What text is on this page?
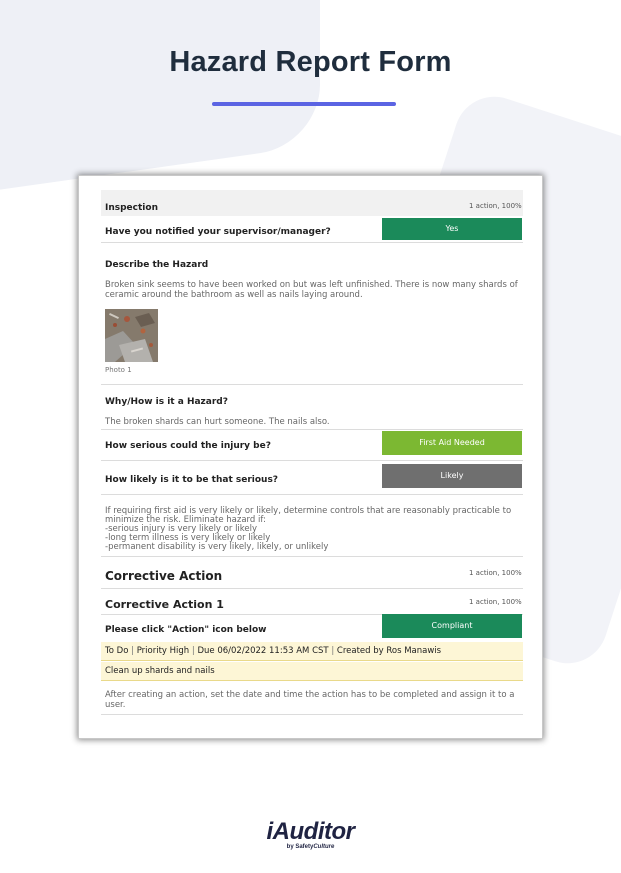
Hazard Report Form
Inspection	1 action, 100%
Have you notified your supervisor/manager?	Yes
Describe the Hazard
Broken sink seems to have been worked on but was left unfinished. There is now many shards of
ceramic around the bathroom as well as nails laying around.
Photo 1
Why/How is it a Hazard?
The broken shards can hurt someone. The nails also.
How serious could the injury be?	First Aid Needed
How likely is it to be that serious?	Likely
If requiring first aid is very likely or likely, determine controls that are reasonably practicable to
minimize the risk. Eliminate hazard if:
-serious injury is very likely or likely
-long term illness is very likely or likely
-permanent disability is very likely, likely, or unlikely
Corrective Action	1 action, 100%
Corrective Action 1	1 action, 100%
Please click "Action" icon below	Compliant
To Do | Priority High | Due 06/02/2022 11:53 AM CST | Created by Ros Manawis
Clean up shards and nails
After creating an action, set the date and time the action has to be completed and assign it to a
user.
iAuditor
by SafetyCulture
